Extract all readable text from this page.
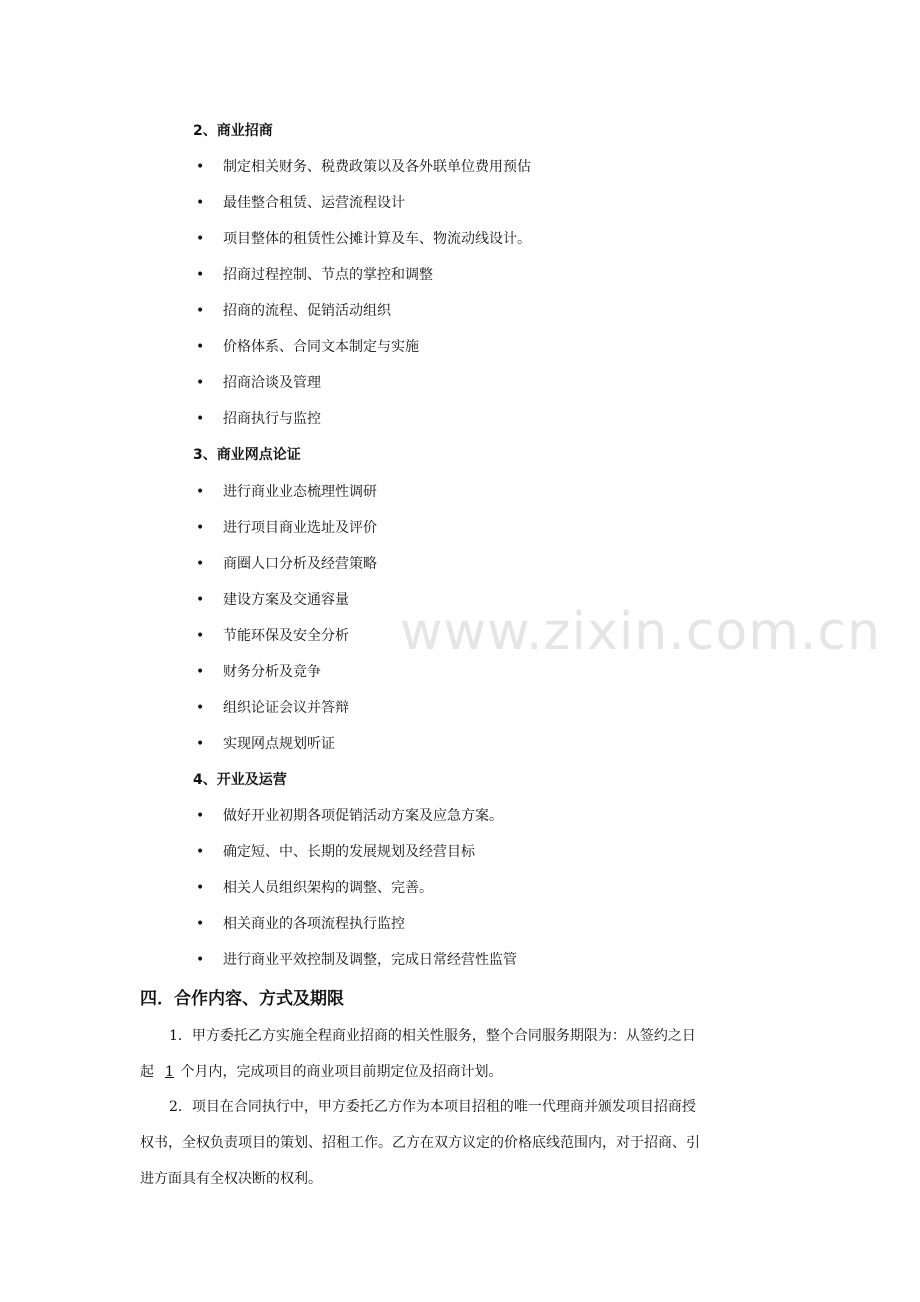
2、商业招商
• 制定相关财务、税费政策以及各外联单位费用预估
• 最佳整合租赁、运营流程设计
• 项目整体的租赁性公摊计算及车、物流动线设计。
• 招商过程控制、节点的掌控和调整
• 招商的流程、促销活动组织
• 价格体系、合同文本制定与实施
• 招商洽谈及管理
• 招商执行与监控
3、商业网点论证
• 进行商业业态梳理性调研
• 进行项目商业选址及评价
• 商圈人口分析及经营策略
• 建设方案及交通容量
• 节能环保及安全分析
• 财务分析及竞争
• 组织论证会议并答辩
• 实现网点规划听证
4、开业及运营
• 做好开业初期各项促销活动方案及应急方案。
• 确定短、中、长期的发展规划及经营目标
• 相关人员组织架构的调整、完善。
• 相关商业的各项流程执行监控
• 进行商业平效控制及调整，完成日常经营性监管
四．合作内容、方式及期限
1．甲方委托乙方实施全程商业招商的相关性服务，整个合同服务期限为：从签约之日
起 1 个月内，完成项目的商业项目前期定位及招商计划。
2．项目在合同执行中，甲方委托乙方作为本项目招租的唯一代理商并颁发项目招商授
权书，全权负责项目的策划、招租工作。乙方在双方议定的价格底线范围内，对于招商、引
进方面具有全权决断的权利。
www.zixin.com.cn
